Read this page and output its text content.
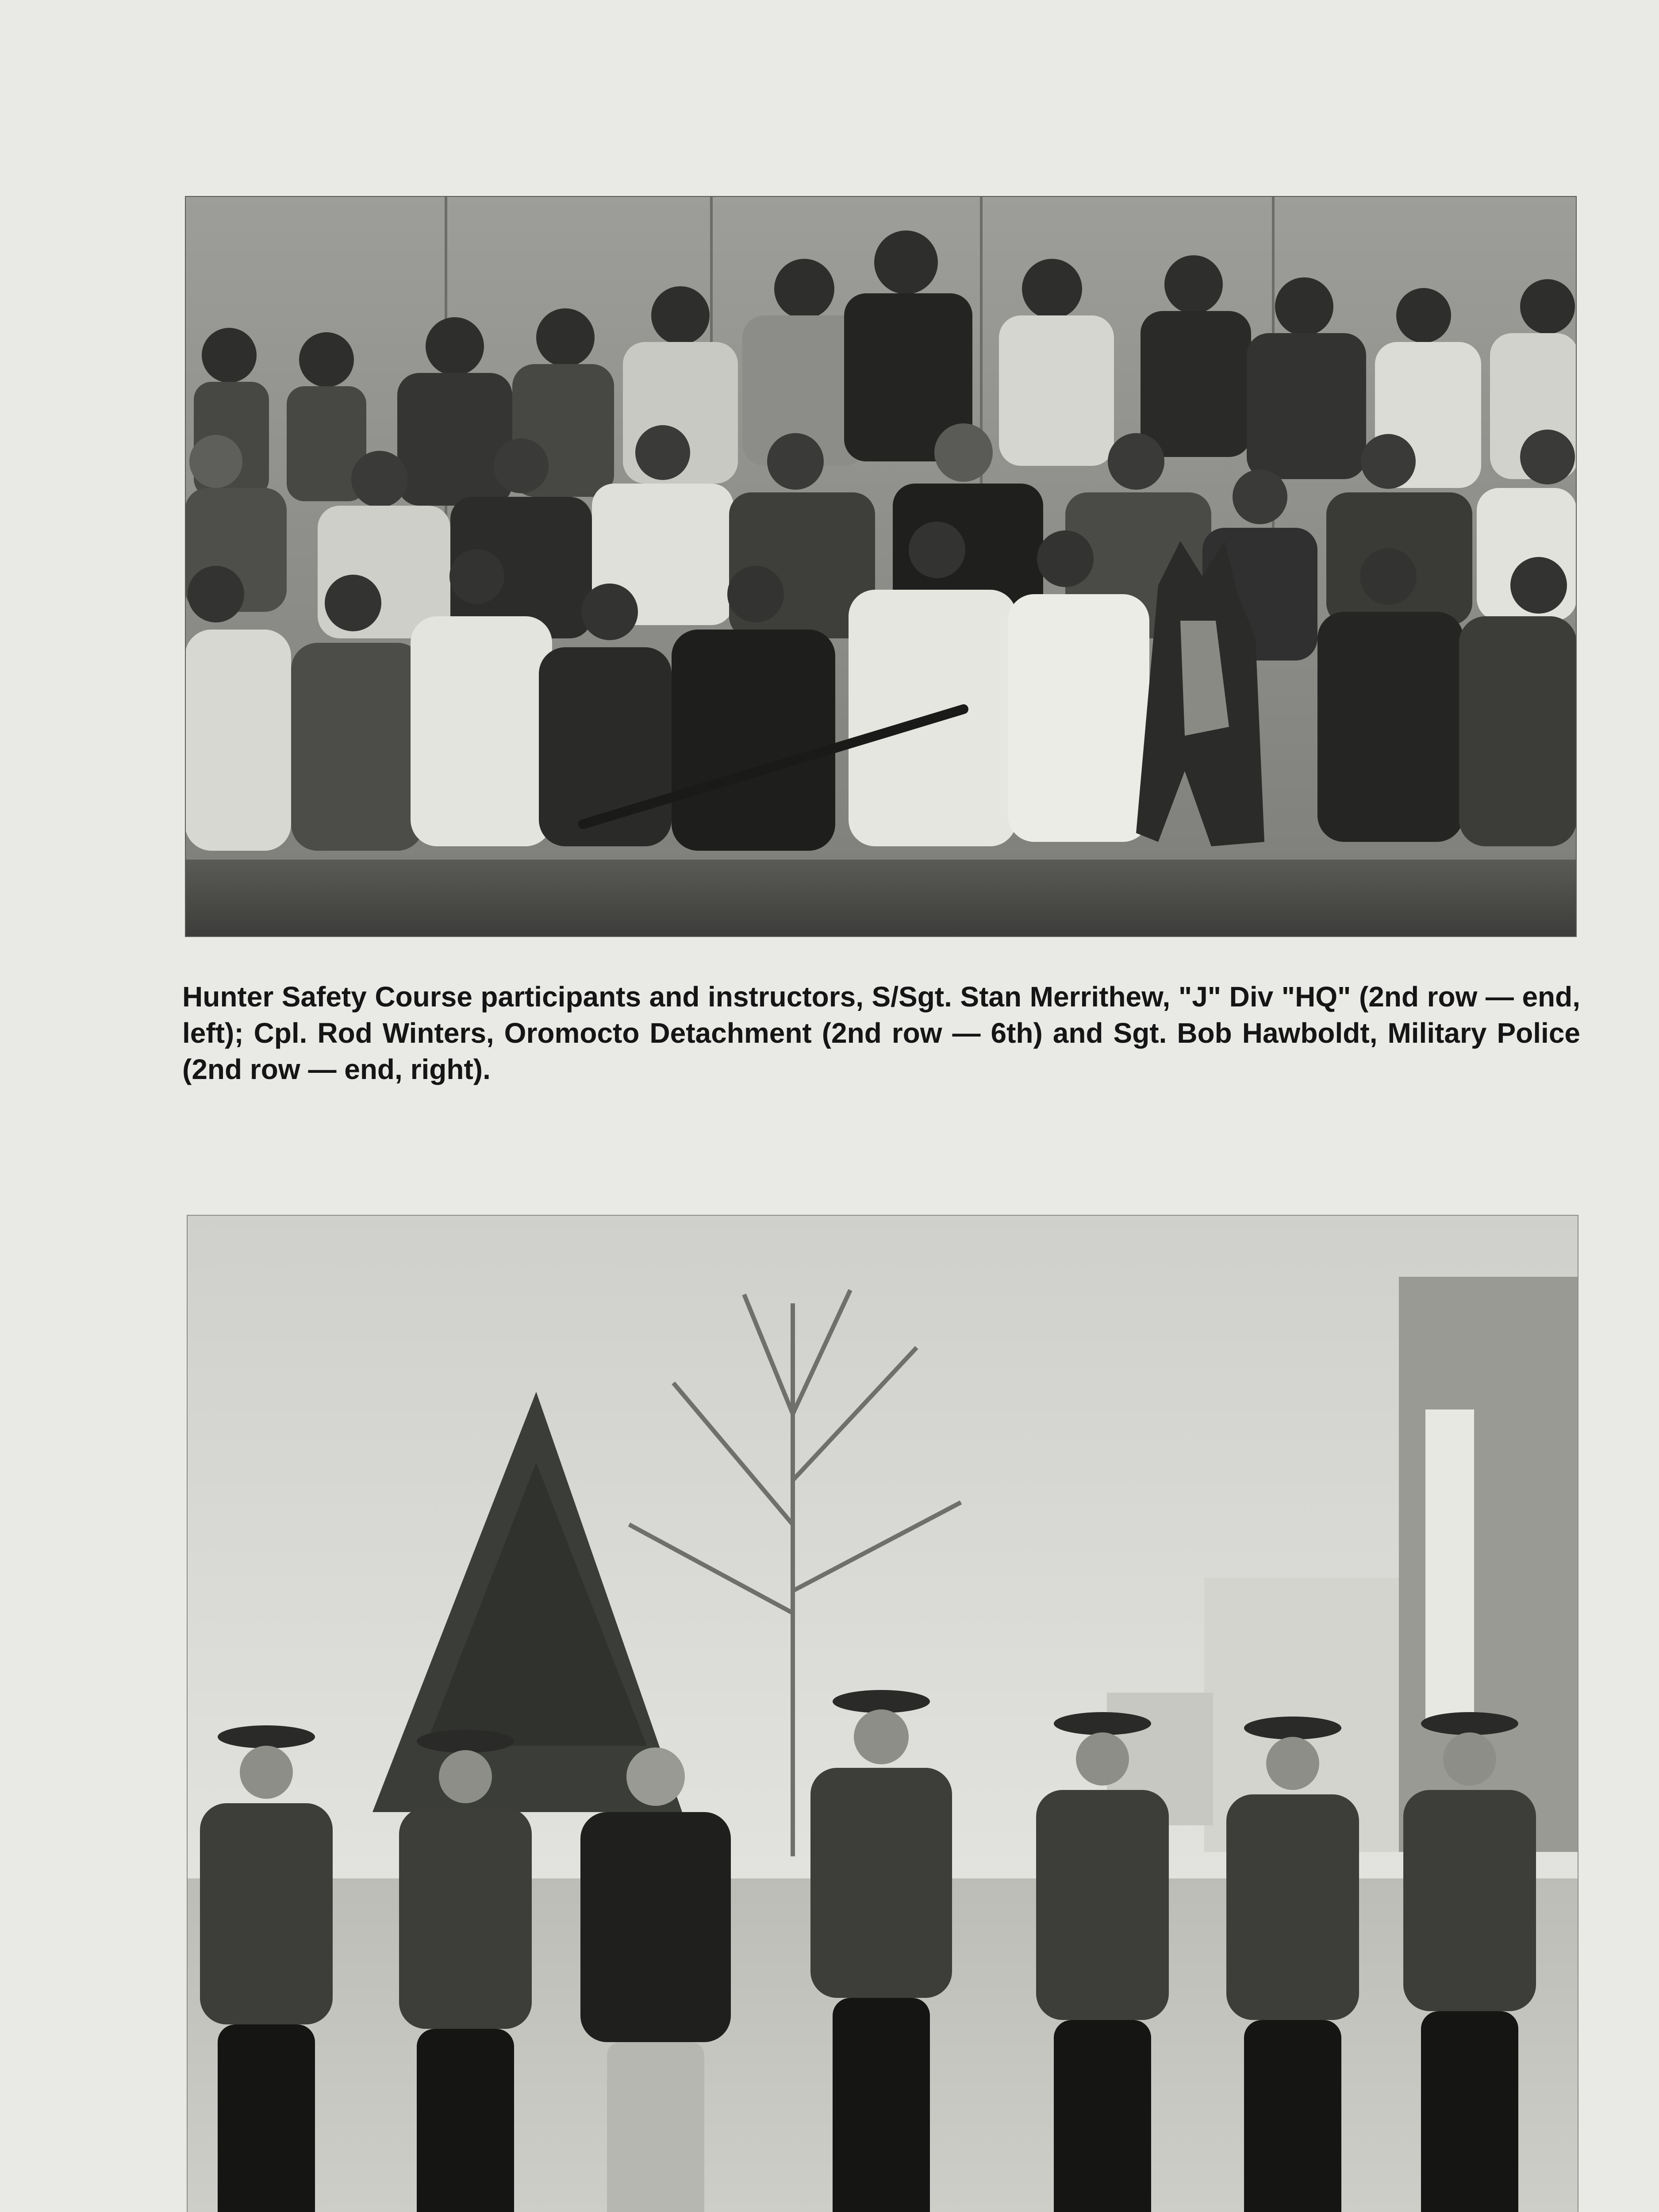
Hunter Safety Course participants and instructors, S/Sgt. Stan Merrithew, "J" Div "HQ" (2nd row — end, left); Cpl. Rod Winters, Oromocto Detachment (2nd row — 6th) and Sgt. Bob Hawboldt, Military Police (2nd row — end, right).
